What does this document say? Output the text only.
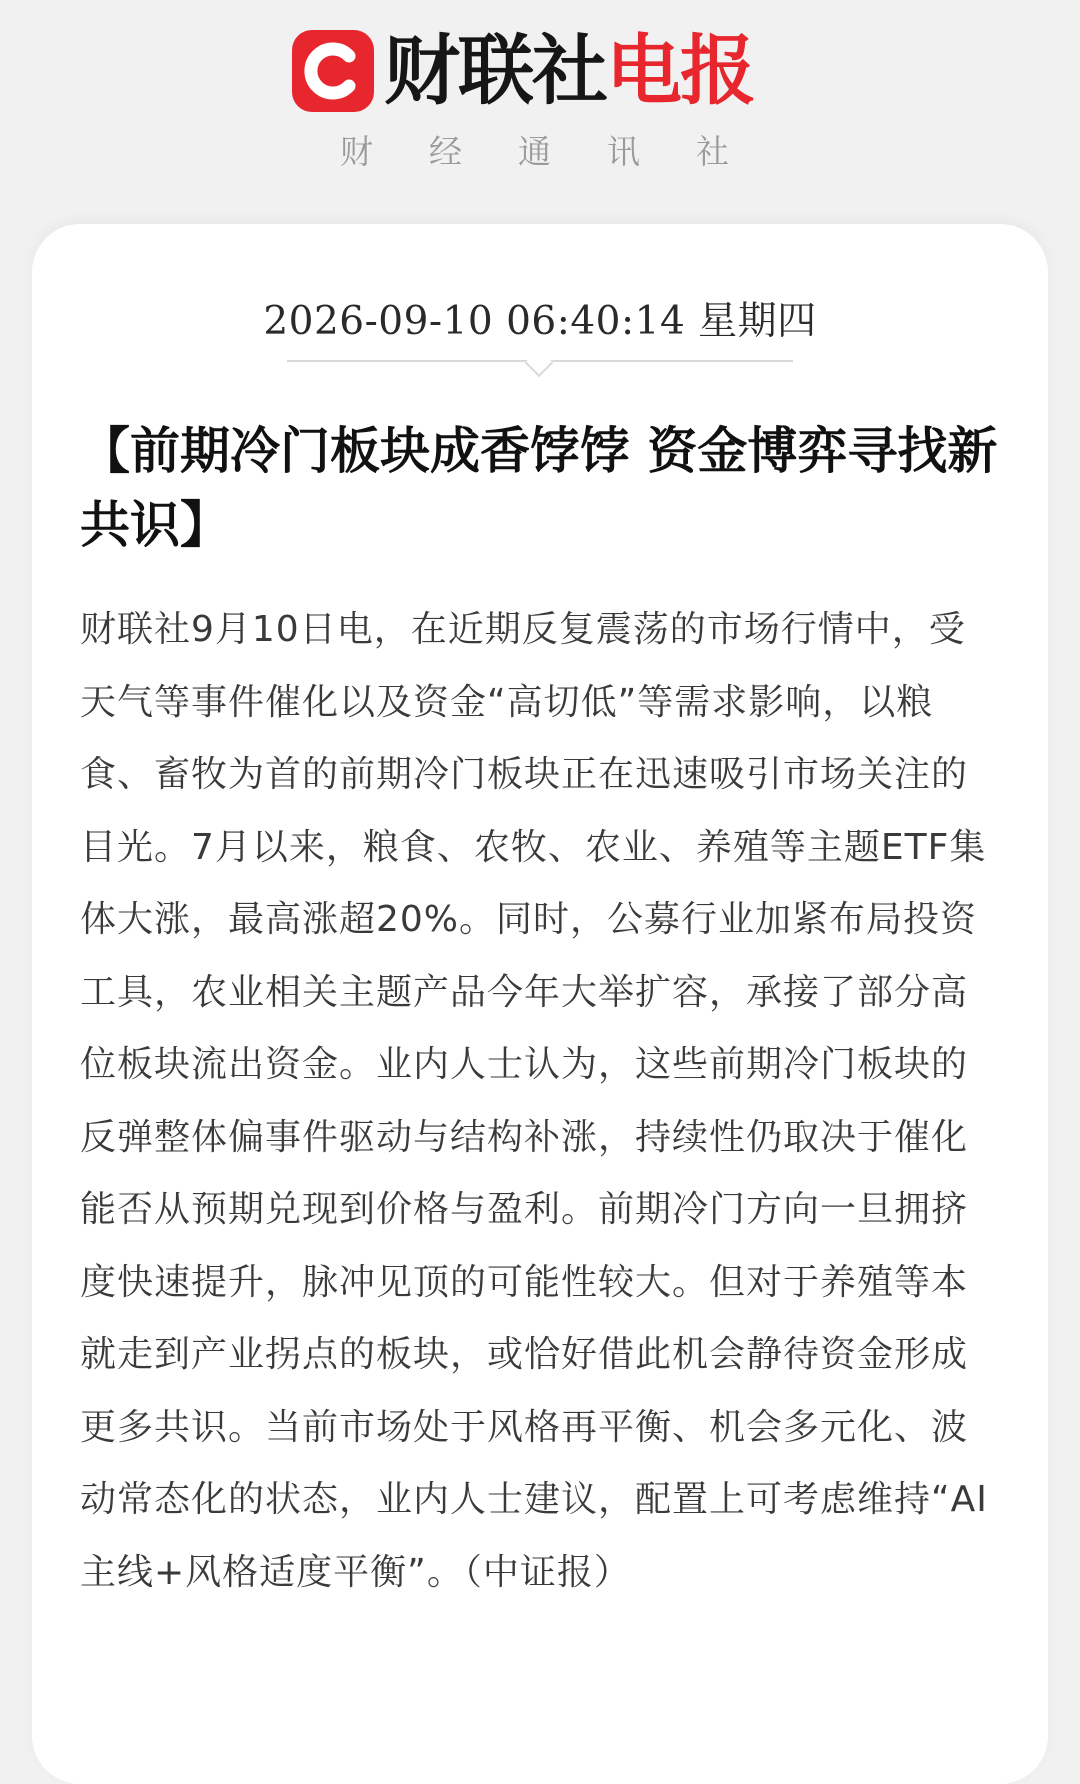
财联社 电报
财经通讯社
2026-09-10 06:40:14 星期四
【前期冷门板块成香饽饽 资金博弈寻找新共识】

财联社9月10日电，在近期反复震荡的市场行情中，受天气等事件催化以及资金“高切低”等需求影响，以粮食、畜牧为首的前期冷门板块正在迅速吸引市场关注的目光。7月以来，粮食、农牧、农业、养殖等主题ETF集体大涨，最高涨超20%。同时，公募行业加紧布局投资工具，农业相关主题产品今年大举扩容，承接了部分高位板块流出资金。业内人士认为，这些前期冷门板块的反弹整体偏事件驱动与结构补涨，持续性仍取决于催化能否从预期兑现到价格与盈利。前期冷门方向一旦拥挤度快速提升，脉冲见顶的可能性较大。但对于养殖等本就走到产业拐点的板块，或恰好借此机会静待资金形成更多共识。当前市场处于风格再平衡、机会多元化、波动常态化的状态，业内人士建议，配置上可考虑维持“AI主线+风格适度平衡”。（中证报）
